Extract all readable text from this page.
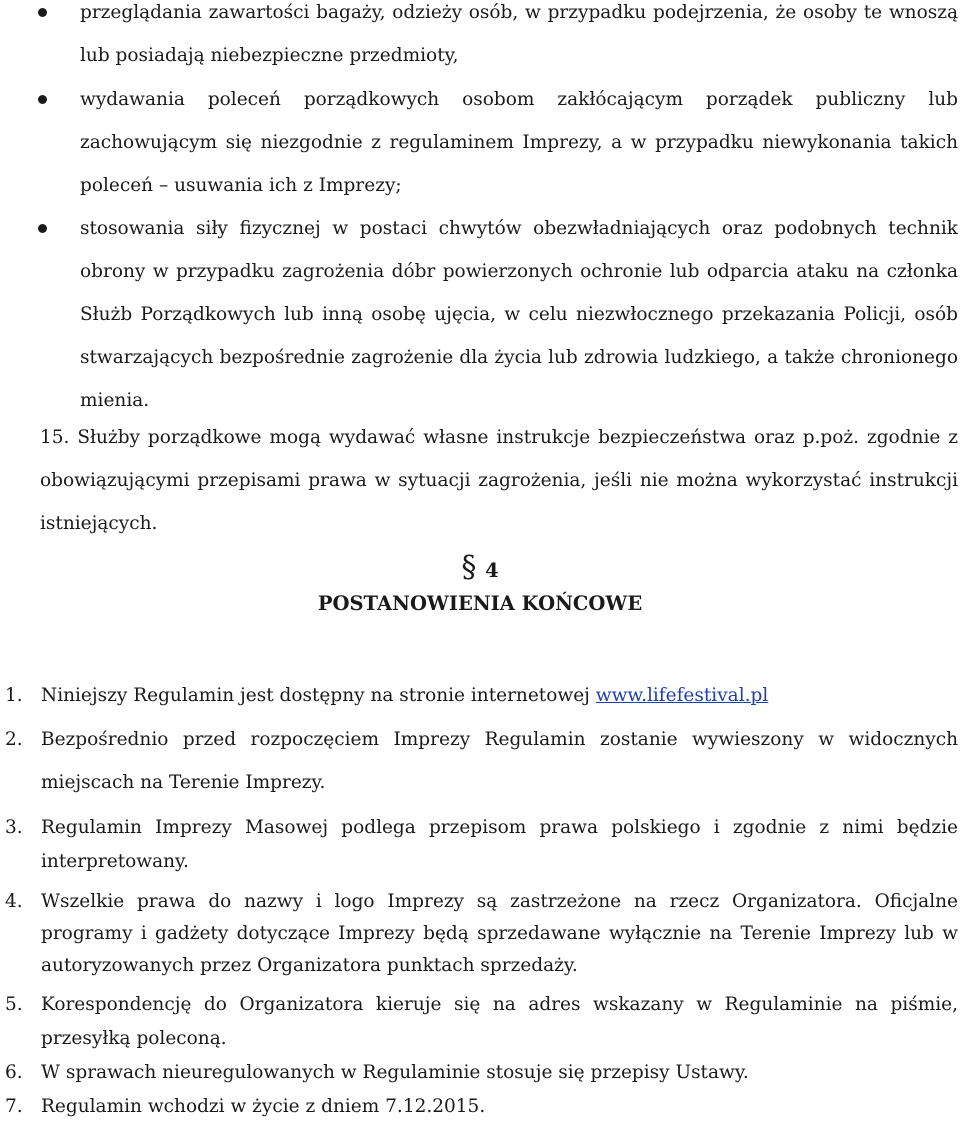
przeglądania zawartości bagaży, odzieży osób, w przypadku podejrzenia, że osoby te wnoszą lub posiadają niebezpieczne przedmioty,
wydawania poleceń porządkowych osobom zakłócającym porządek publiczny lub zachowującym się niezgodnie z regulaminem Imprezy, a w przypadku niewykonania takich poleceń – usuwania ich z Imprezy;
stosowania siły fizycznej w postaci chwytów obezwładniających oraz podobnych technik obrony w przypadku zagrożenia dóbr powierzonych ochronie lub odparcia ataku na członka Służb Porządkowych lub inną osobę ujęcia, w celu niezwłocznego przekazania Policji, osób stwarzających bezpośrednie zagrożenie dla życia lub zdrowia ludzkiego, a także chronionego mienia.
15. Służby porządkowe mogą wydawać własne instrukcje bezpieczeństwa oraz p.poż. zgodnie z obowiązującymi przepisami prawa w sytuacji zagrożenia, jeśli nie można wykorzystać instrukcji istniejących.
§ 4
POSTANOWIENIA KOŃCOWE
1. Niniejszy Regulamin jest dostępny na stronie internetowej www.lifefestival.pl
2. Bezpośrednio przed rozpoczęciem Imprezy Regulamin zostanie wywieszony w widocznych miejscach na Terenie Imprezy.
3. Regulamin Imprezy Masowej podlega przepisom prawa polskiego i zgodnie z nimi będzie interpretowany.
4. Wszelkie prawa do nazwy i logo Imprezy są zastrzeżone na rzecz Organizatora. Oficjalne programy i gadżety dotyczące Imprezy będą sprzedawane wyłącznie na Terenie Imprezy lub w autoryzowanych przez Organizatora punktach sprzedaży.
5. Korespondencję do Organizatora kieruje się na adres wskazany w Regulaminie na piśmie, przesyłką poleconą.
6. W sprawach nieuregulowanych w Regulaminie stosuje się przepisy Ustawy.
7. Regulamin wchodzi w życie z dniem 7.12.2015.
